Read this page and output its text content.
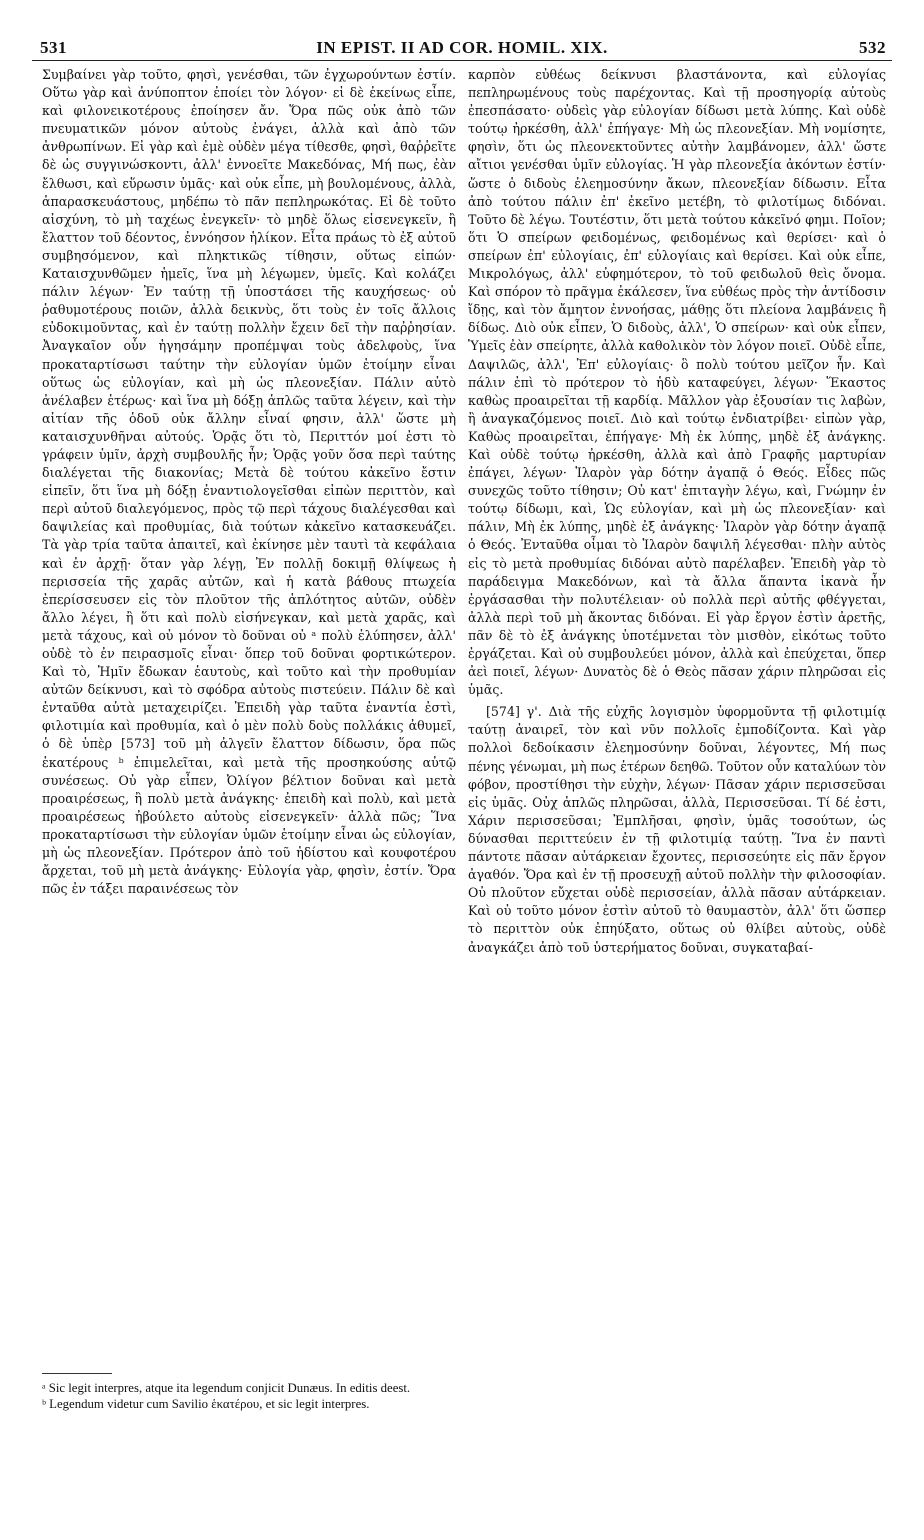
531	IN EPIST. II AD COR. HOMIL. XIX.	532

Συμβαίνει γὰρ τοῦτο, φησὶ, γενέσθαι, τῶν ἐγχωρούντων ἐστίν. Οὕτω γὰρ καὶ ἀνύποπτον ἐποίει τὸν λόγον· εἰ δὲ ἐκείνως εἶπε, καὶ φιλονεικοτέρους ἐποίησεν ἄν. Ὅρα πῶς οὐκ ἀπὸ τῶν πνευματικῶν μόνον αὐτοὺς ἐνάγει, ἀλλὰ καὶ ἀπὸ τῶν ἀνθρωπίνων. Εἰ γὰρ καὶ ἐμὲ οὐδὲν μέγα τίθεσθε, φησὶ, θαῤῥεῖτε δὲ ὡς συγγινώσκοντι, ἀλλ' ἐννοεῖτε Μακεδόνας, Μή πως, ἐὰν ἔλθωσι, καὶ εὕρωσιν ὑμᾶς· καὶ οὐκ εἶπε, μὴ βουλομένους, ἀλλὰ, ἀπαρασκευάστους, μηδέπω τὸ πᾶν πεπληρωκότας. Εἰ δὲ τοῦτο αἰσχύνη, τὸ μὴ ταχέως ἐνεγκεῖν· τὸ μηδὲ ὅλως εἰσενεγκεῖν, ἢ ἔλαττον τοῦ δέοντος, ἐννόησον ἡλίκον. Εἶτα πράως τὸ ἐξ αὐτοῦ συμβησόμενον, καὶ πληκτικῶς τίθησιν, οὕτως εἰπών· Καταισχυνθῶμεν ἡμεῖς, ἵνα μὴ λέγωμεν, ὑμεῖς. Καὶ κολάζει πάλιν λέγων· Ἐν ταύτῃ τῇ ὑποστάσει τῆς καυχήσεως· οὐ ῥαθυμοτέρους ποιῶν, ἀλλὰ δεικνὺς, ὅτι τοὺς ἐν τοῖς ἄλλοις εὐδοκιμοῦντας, καὶ ἐν ταύτῃ πολλὴν ἔχειν δεῖ τὴν παῤῥησίαν. Ἀναγκαῖον οὖν ἡγησάμην προπέμψαι τοὺς ἀδελφοὺς, ἵνα προκαταρτίσωσι ταύτην τὴν εὐλογίαν ὑμῶν ἑτοίμην εἶναι οὕτως ὡς εὐλογίαν, καὶ μὴ ὡς πλεονεξίαν. Πάλιν αὐτὸ ἀνέλαβεν ἑτέρως· καὶ ἵνα μὴ δόξῃ ἁπλῶς ταῦτα λέγειν, καὶ τὴν αἰτίαν τῆς ὁδοῦ οὐκ ἄλλην εἶναί φησιν, ἀλλ' ὥστε μὴ καταισχυνθῆναι αὐτούς. Ὁρᾷς ὅτι τὸ, Περιττόν μοί ἐστι τὸ γράφειν ὑμῖν, ἀρχὴ συμβουλῆς ἦν; Ὁρᾷς γοῦν ὅσα περὶ ταύτης διαλέγεται τῆς διακονίας; Μετὰ δὲ τούτου κἀκεῖνο ἔστιν εἰπεῖν, ὅτι ἵνα μὴ δόξῃ ἐναντιολογεῖσθαι εἰπὼν περιττὸν, καὶ περὶ αὐτοῦ διαλεγόμενος, πρὸς τῷ περὶ τάχους διαλέγεσθαι καὶ δαψιλείας καὶ προθυμίας, διὰ τούτων κἀκεῖνο κατασκευάζει. Τὰ γὰρ τρία ταῦτα ἀπαιτεῖ, καὶ ἐκίνησε μὲν ταυτὶ τὰ κεφάλαια καὶ ἐν ἀρχῇ· ὅταν γὰρ λέγῃ, Ἐν πολλῇ δοκιμῇ θλίψεως ἡ περισσεία τῆς χαρᾶς αὐτῶν, καὶ ἡ κατὰ βάθους πτωχεία ἐπερίσσευσεν εἰς τὸν πλοῦτον τῆς ἁπλότητος αὐτῶν, οὐδὲν ἄλλο λέγει, ἢ ὅτι καὶ πολὺ εἰσήνεγκαν, καὶ μετὰ χαρᾶς, καὶ μετὰ τάχους, καὶ οὐ μόνον τὸ δοῦναι οὐ ᵃ πολὺ ἐλύπησεν, ἀλλ' οὐδὲ τὸ ἐν πειρασμοῖς εἶναι· ὅπερ τοῦ δοῦναι φορτικώτερον. Καὶ τὸ, Ἡμῖν ἔδωκαν ἑαυτοὺς, καὶ τοῦτο καὶ τὴν προθυμίαν αὐτῶν δείκνυσι, καὶ τὸ σφόδρα αὐτοὺς πιστεύειν. Πάλιν δὲ καὶ ἐνταῦθα αὐτὰ μεταχειρίζει. Ἐπειδὴ γὰρ ταῦτα ἐναντία ἐστὶ, φιλοτιμία καὶ προθυμία, καὶ ὁ μὲν πολὺ δοὺς πολλάκις ἀθυμεῖ, ὁ δὲ ὑπὲρ [573] τοῦ μὴ ἀλγεῖν ἔλαττον δίδωσιν, ὅρα πῶς ἑκατέρους ᵇ ἐπιμελεῖται, καὶ μετὰ τῆς προσηκούσης αὐτῷ συνέσεως. Οὐ γὰρ εἶπεν, Ὀλίγον βέλτιον δοῦναι καὶ μετὰ προαιρέσεως, ἢ πολὺ μετὰ ἀνάγκης· ἐπειδὴ καὶ πολὺ, καὶ μετὰ προαιρέσεως ἠβούλετο αὐτοὺς εἰσενεγκεῖν· ἀλλὰ πῶς; Ἵνα προκαταρτίσωσι τὴν εὐλογίαν ὑμῶν ἑτοίμην εἶναι ὡς εὐλογίαν, μὴ ὡς πλεονεξίαν. Πρότερον ἀπὸ τοῦ ἡδίστου καὶ κουφοτέρου ἄρχεται, τοῦ μὴ μετὰ ἀνάγκης· Εὐλογία γὰρ, φησὶν, ἐστίν. Ὅρα πῶς ἐν τάξει παραινέσεως τὸν

καρπὸν εὐθέως δείκνυσι βλαστάνοντα, καὶ εὐλογίας πεπληρωμένους τοὺς παρέχοντας. Καὶ τῇ προσηγορίᾳ αὐτοὺς ἐπεσπάσατο· οὐδεὶς γὰρ εὐλογίαν δίδωσι μετὰ λύπης. Καὶ οὐδὲ τούτῳ ἠρκέσθη, ἀλλ' ἐπήγαγε· Μὴ ὡς πλεονεξίαν. Μὴ νομίσητε, φησὶν, ὅτι ὡς πλεονεκτοῦντες αὐτὴν λαμβάνομεν, ἀλλ' ὥστε αἴτιοι γενέσθαι ὑμῖν εὐλογίας. Ἡ γὰρ πλεονεξία ἀκόντων ἐστίν· ὥστε ὁ διδοὺς ἐλεημοσύνην ἄκων, πλεονεξίαν δίδωσιν. Εἶτα ἀπὸ τούτου πάλιν ἐπ' ἐκεῖνο μετέβη, τὸ φιλοτίμως διδόναι. Τοῦτο δὲ λέγω. Τουτέστιν, ὅτι μετὰ τούτου κἀκεῖνό φημι. Ποῖον; ὅτι Ὁ σπείρων φειδομένως, φειδομένως καὶ θερίσει· καὶ ὁ σπείρων ἐπ' εὐλογίαις, ἐπ' εὐλογίαις καὶ θερίσει. Καὶ οὐκ εἶπε, Μικρολόγως, ἀλλ' εὐφημότερον, τὸ τοῦ φειδωλοῦ θεὶς ὄνομα. Καὶ σπόρον τὸ πρᾶγμα ἐκάλεσεν, ἵνα εὐθέως πρὸς τὴν ἀντίδοσιν ἴδῃς, καὶ τὸν ἄμητον ἐννοήσας, μάθῃς ὅτι πλείονα λαμβάνεις ἢ δίδως. Διὸ οὐκ εἶπεν, Ὁ διδοὺς, ἀλλ', Ὁ σπείρων· καὶ οὐκ εἶπεν, Ὑμεῖς ἐὰν σπείρητε, ἀλλὰ καθολικὸν τὸν λόγον ποιεῖ. Οὐδὲ εἶπε, Δαψιλῶς, ἀλλ', Ἐπ' εὐλογίαις· ὃ πολὺ τούτου μεῖζον ἦν. Καὶ πάλιν ἐπὶ τὸ πρότερον τὸ ἡδὺ καταφεύγει, λέγων· Ἕκαστος καθὼς προαιρεῖται τῇ καρδίᾳ. Μᾶλλον γὰρ ἐξουσίαν τις λαβὼν, ἢ ἀναγκαζόμενος ποιεῖ. Διὸ καὶ τούτῳ ἐνδιατρίβει· εἰπὼν γὰρ, Καθὼς προαιρεῖται, ἐπήγαγε· Μὴ ἐκ λύπης, μηδὲ ἐξ ἀνάγκης. Καὶ οὐδὲ τούτῳ ἠρκέσθη, ἀλλὰ καὶ ἀπὸ Γραφῆς μαρτυρίαν ἐπάγει, λέγων· Ἱλαρὸν γὰρ δότην ἀγαπᾷ ὁ Θεός. Εἶδες πῶς συνεχῶς τοῦτο τίθησιν; Οὐ κατ' ἐπιταγὴν λέγω, καὶ, Γνώμην ἐν τούτῳ δίδωμι, καὶ, Ὡς εὐλογίαν, καὶ μὴ ὡς πλεονεξίαν· καὶ πάλιν, Μὴ ἐκ λύπης, μηδὲ ἐξ ἀνάγκης· Ἱλαρὸν γὰρ δότην ἀγαπᾷ ὁ Θεός. Ἐνταῦθα οἶμαι τὸ Ἱλαρὸν δαψιλῆ λέγεσθαι· πλὴν αὐτὸς εἰς τὸ μετὰ προθυμίας διδόναι αὐτὸ παρέλαβεν. Ἐπειδὴ γὰρ τὸ παράδειγμα Μακεδόνων, καὶ τὰ ἄλλα ἅπαντα ἱκανὰ ἦν ἐργάσασθαι τὴν πολυτέλειαν· οὐ πολλὰ περὶ αὐτῆς φθέγγεται, ἀλλὰ περὶ τοῦ μὴ ἄκοντας διδόναι. Εἰ γὰρ ἔργον ἐστὶν ἀρετῆς, πᾶν δὲ τὸ ἐξ ἀνάγκης ὑποτέμνεται τὸν μισθὸν, εἰκότως τοῦτο ἐργάζεται. Καὶ οὐ συμβουλεύει μόνον, ἀλλὰ καὶ ἐπεύχεται, ὅπερ ἀεὶ ποιεῖ, λέγων· Δυνατὸς δὲ ὁ Θεὸς πᾶσαν χάριν πληρῶσαι εἰς ὑμᾶς.

[574] γ'. Διὰ τῆς εὐχῆς λογισμὸν ὑφορμοῦντα τῇ φιλοτιμίᾳ ταύτῃ ἀναιρεῖ, τὸν καὶ νῦν πολλοῖς ἐμποδίζοντα. Καὶ γὰρ πολλοὶ δεδοίκασιν ἐλεημοσύνην δοῦναι, λέγοντες, Μή πως πένης γένωμαι, μὴ πως ἑτέρων δεηθῶ. Τοῦτον οὖν καταλύων τὸν φόβον, προστίθησι τὴν εὐχὴν, λέγων· Πᾶσαν χάριν περισσεῦσαι εἰς ὑμᾶς. Οὐχ ἁπλῶς πληρῶσαι, ἀλλὰ, Περισσεῦσαι. Τί δέ ἐστι, Χάριν περισσεῦσαι; Ἐμπλῆσαι, φησὶν, ὑμᾶς τοσούτων, ὡς δύνασθαι περιττεύειν ἐν τῇ φιλοτιμίᾳ ταύτῃ. Ἵνα ἐν παντὶ πάντοτε πᾶσαν αὐτάρκειαν ἔχοντες, περισσεύητε εἰς πᾶν ἔργον ἀγαθόν. Ὅρα καὶ ἐν τῇ προσευχῇ αὐτοῦ πολλὴν τὴν φιλοσοφίαν. Οὐ πλοῦτον εὔχεται οὐδὲ περισσείαν, ἀλλὰ πᾶσαν αὐτάρκειαν. Καὶ οὐ τοῦτο μόνον ἐστὶν αὐτοῦ τὸ θαυμαστὸν, ἀλλ' ὅτι ὥσπερ τὸ περιττὸν οὐκ ἐπηύξατο, οὕτως οὐ θλίβει αὐτοὺς, οὐδὲ ἀναγκάζει ἀπὸ τοῦ ὑστερήματος δοῦναι, συγκαταβαί-

ᵃ Sic legit interpres, atque ita legendum conjicit Dunæus. In editis deest.

ᵇ Legendum videtur cum Savilio ἑκατέρου, et sic legit interpres.
